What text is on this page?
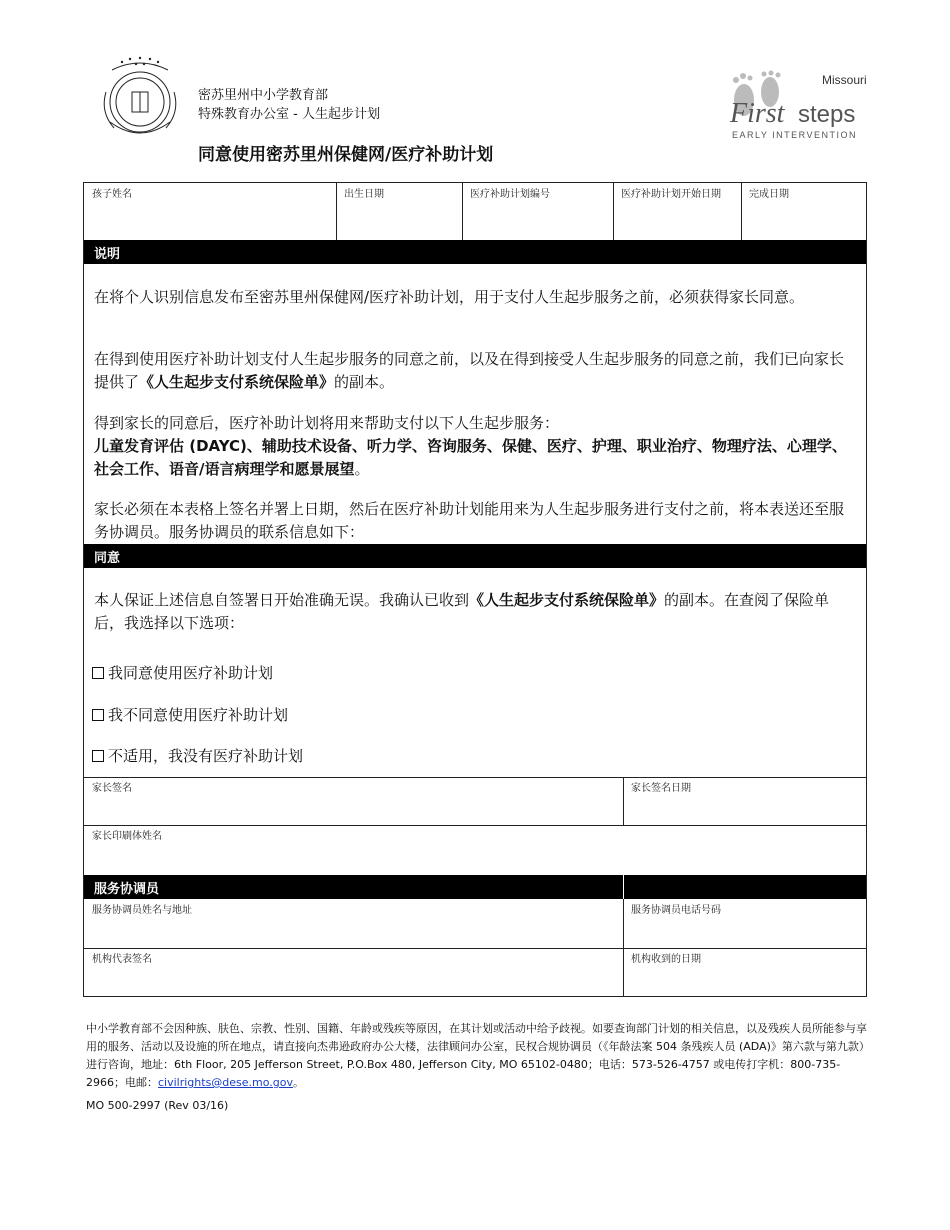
密苏里州中小学教育部
特殊教育办公室 - 人生起步计划
同意使用密苏里州保健网/医疗补助计划
Missouri
First steps
EARLY INTERVENTION
孩子姓名	出生日期	医疗补助计划编号	医疗补助计划开始日期	完成日期
说明
在将个人识别信息发布至密苏里州保健网/医疗补助计划，用于支付人生起步服务之前，必须获得家长同意。
在得到使用医疗补助计划支付人生起步服务的同意之前，以及在得到接受人生起步服务的同意之前，我们已向家长提供了《人生起步支付系统保险单》的副本。
得到家长的同意后，医疗补助计划将用来帮助支付以下人生起步服务：
儿童发育评估 (DAYC)、辅助技术设备、听力学、咨询服务、保健、医疗、护理、职业治疗、物理疗法、心理学、社会工作、语音/语言病理学和愿景展望。
家长必须在本表格上签名并署上日期，然后在医疗补助计划能用来为人生起步服务进行支付之前，将本表送还至服务协调员。服务协调员的联系信息如下：
同意
本人保证上述信息自签署日开始准确无误。我确认已收到《人生起步支付系统保险单》的副本。在查阅了保险单后，我选择以下选项：
我同意使用医疗补助计划
我不同意使用医疗补助计划
不适用，我没有医疗补助计划
家长签名	家长签名日期
家长印刷体姓名
服务协调员
服务协调员姓名与地址	服务协调员电话号码
机构代表签名	机构收到的日期
中小学教育部不会因种族、肤色、宗教、性别、国籍、年龄或残疾等原因，在其计划或活动中给予歧视。如要查询部门计划的相关信息，以及残疾人员所能参与享用的服务、活动以及设施的所在地点，请直接向杰弗逊政府办公大楼，法律顾问办公室，民权合规协调员（《年龄法案 504 条残疾人员 (ADA)》第六款与第九款）进行咨询，地址：6th Floor, 205 Jefferson Street, P.O.Box 480, Jefferson City, MO 65102-0480；电话：573-526-4757 或电传打字机：800-735-2966；电邮：civilrights@dese.mo.gov。
MO 500-2997 (Rev 03/16)
